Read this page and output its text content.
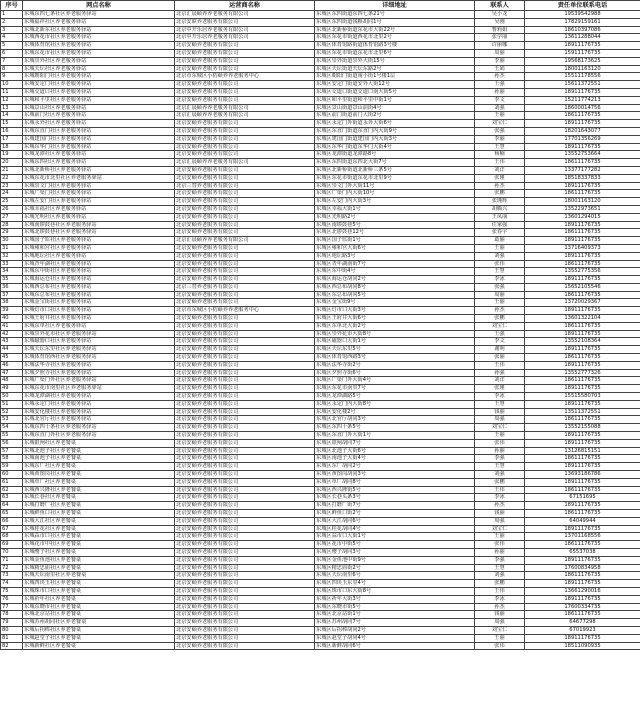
序号	网点名称	运营商名称	详细地址	联系人	责任单位联系电话
1	东城东四七条社区养老服务驿站	北京汇晨颐养养老服务有限公司	东城区东四街道东四七条21号	吴小龙	19539542988
2	东城福祥社区养老服务驿站	北京安联养老服务有限公司	东城区东四街道钱粮胡同1号	吴刚	17829159161
3	东城北新东社区养老服务驿站	北京中开乐居养老服务有限公司	东城区北新桥街道东花市大街22号	曹莉娟	18610397086
4	东城西花市社区养老服务驿站	北京中开乐居养老服务有限公司	东城区东花市街道西花市北里2号	张学丽	13611288044
5	东城体育馆社区养老服务驿站	北京安颐养老服务有限公司	东城区体育馆路街道体育馆路3号楼	许丽娜	18911176735
6	东城东花市社区养老服务驿站	北京安颐养老服务有限公司	东城区东花市街道东花市北里6号	周丽	15911176735
7	东城崇外社区养老服务驿站	北京安颐养老服务有限公司	东城区崇外街道崇外大街15号	李丽	19568173625
8	东城天坛社区养老服务驿站	北京安颐养老服务有限公司	东城区天坛街道天坛东路2号	王娟	18001163120
9	东城朝阳门社区养老服务驿站	北京市东城区小桔颐养养老服务中心	东城区朝阳门街道南小街1号楼1层	孙杰	15511178556
10	东城安定门社区养老服务驿站	北京安颐养老服务有限公司	东城区安定门街道安外大街12号	王强	15611372551
11	东城交道口社区养老服务驿站	北京安颐养老服务有限公司	东城区交道口街道交道口南大街5号	孙丽	18911176735
12	东城和平里社区养老服务驿站	北京安颐养老服务有限公司	东城区和平里街道和平里中街1号	李文	15211774213
13	东城景山社区养老服务驿站	北京汇晨颐养养老服务有限公司	东城区景山街道景山前街4号	刘强	18600014756
14	东城前门社区养老服务驿站	北京汇晨颐养养老服务有限公司	东城区前门街道前门大街2号	王丽	18611176735
15	东城永外社区养老服务驿站	北京安颐养老服务有限公司	东城区永定门外街道永外大街6号	刘宝仁	18911176735
16	东城东直门社区养老服务驿站	北京安颐养老服务有限公司	东城区东直门街道东直门内大街9号	张强	18201643077
17	东城建国门社区养老服务驿站	北京安颐养老服务有限公司	东城区建国门街道建国门内大街3号	李丽	17701356269
18	东城东华门社区养老服务驿站	北京安颐养老服务有限公司	东城区东华门街道东华门大街4号	王慧	18911176735
19	东城龙潭社区养老服务驿站	北京安颐养老服务有限公司	东城区龙潭街道龙潭路8号	杨楠	13552753664
20	东城东四社区养老服务驿站	北京汇晨颐养养老服务有限公司	东城区东四街道东四北大街7号	王伟	18611176735
21	东城北新桥社区养老服务驿站	北京安颐养老服务有限公司	东城区北新桥街道北新桥三条5号	刘洋	13377177282
22	东城东花市北里社区养老服务驿站	北京安颐养老服务有限公司	东城区东花市街道东花市北里9号	张瑾	18518337833
23	东城崇文门社区养老服务驿站	北京三替养老服务有限公司	东城区崇文门外大街11号	孙杰	18911176735
24	东城广渠门社区养老服务驿站	北京安颐养老服务有限公司	东城区广渠门内大街10号	张鹏	18611176735
25	东城左安门社区养老服务驿站	北京安颐养老服务有限公司	东城区左安门内大街3号	张瑾辉	18001163120
26	东城幸福社区养老服务驿站	北京安颐养老服务有限公司	东城区幸福大街1号	胡腾兴	13522973651
27	东城光明社区养老服务驿站	北京安颐养老服务有限公司	东城区光明路2号	王凤丽	13601294015
28	东城南锣鼓巷社区养老服务驿站	北京安颐养老服务有限公司	东城区南锣鼓巷5号	任家强	18911176735
29	东城北锣鼓巷社区养老服务驿站	北京安颐养老服务有限公司	东城区北锣鼓巷12号	张春宇	18611176735
30	东城国子监社区养老服务驿站	北京汇晨颐养养老服务有限公司	东城区国子监街1号	葛丽	18911176735
31	东城雍和宫社区养老服务驿站	北京安颐养老服务有限公司	东城区雍和宫大街6号	王丽	13716409373
32	东城地坛社区养老服务驿站	北京安颐养老服务有限公司	东城区地坛路3号	刘强	18911176735
33	东城青年湖社区养老服务驿站	北京安颐养老服务有限公司	东城区青年湖南街7号	张伟	18611176735
34	东城东中街社区养老服务驿站	北京安颐养老服务有限公司	东城区东中街4号	王慧	13552775356
35	东城海运仓社区养老服务驿站	北京安颐养老服务有限公司	东城区海运仓胡同2号	李冰	18911176735
36	东城西总布社区养老服务驿站	北京三替养老服务有限公司	东城区西总布胡同8号	张强	15652105546
37	东城东总布社区养老服务驿站	北京安颐养老服务有限公司	东城区东总布胡同5号	周丽	18611176735
38	东城金宝街社区养老服务驿站	北京安颐养老服务有限公司	东城区金宝街9号	王丽	13720029367
39	东城灯市口社区养老服务驿站	北京市东城区小桔颐养养老服务中心	东城区灯市口大街3号	孙杰	18911176735
40	东城王府井社区养老服务驿站	北京安颐养老服务有限公司	东城区王府井大街6号	张鹏	13601322104
41	东城东单社区养老服务驿站	北京安颐养老服务有限公司	东城区东单北大街2号	刘宝仁	18611176735
42	东城崇外花市社区养老服务驿站	北京安颐养老服务有限公司	东城区崇外花市大街8号	王强	18911176735
43	东城磁器口社区养老服务驿站	北京安颐养老服务有限公司	东城区磁器口大街1号	李文	13552108364
44	东城天坛东里社区养老服务驿站	北京安颐养老服务有限公司	东城区天坛东里5号	谢明	18911176735
45	东城体育馆西社区养老服务驿站	北京安颐养老服务有限公司	东城区体育馆西路3号	张丽	18611176735
46	东城法华寺社区养老服务驿站	北京安颐养老服务有限公司	东城区法华寺街2号	王伟	18911176735
47	东城夕照寺社区养老服务驿站	北京安颐养老服务有限公司	东城区夕照寺街6号	孙强	13552777326
48	东城广渠门外社区养老服务驿站	北京安颐养老服务有限公司	东城区广渠门外大街4号	刘洋	18611176735
49	东城东花市南里社区养老服务驿站	北京安颐养老服务有限公司	东城区东花市南里7号	张瑾	18911176735
50	东城龙潭湖社区养老服务驿站	北京安颐养老服务有限公司	东城区龙潭湖路5号	李冰	15515580703
51	东城永定门社区养老服务驿站	北京安颐养老服务有限公司	东城区永定门内大街8号	王慧	18911176735
52	东城安化楼社区养老服务驿站	北京安颐养老服务有限公司	东城区安化楼2号	钱丽	13511372551
53	东城北官厅社区养老服务驿站	北京安颐养老服务有限公司	东城区北官厅胡同3号	周强	18611176735
54	东城东四十条社区养老服务驿站	北京安颐养老服务有限公司	东城区东四十条5号	刘宝仁	13552155088
55	东城东直门外社区养老服务驿站	北京安颐养老服务有限公司	东城区东直门外大街1号	王丽	18911176735
56	东城银闸社区养老餐桌	北京安颐养老服务有限公司	东城区银闸胡同7号	张伟	18911176735
57	东城北池子社区养老餐桌	北京安颐养老服务有限公司	东城区北池子大街6号	孙丽	13126815151
58	东城南池子社区养老餐桌	北京安颐养老服务有限公司	东城区南池子大街4号	李强	18611176735
59	东城东厂社区养老餐桌	北京安颐养老服务有限公司	东城区东厂胡同2号	王慧	18911176735
60	东城黄图岗社区养老餐桌	北京安颐养老服务有限公司	东城区黄图岗胡同3号	刘强	13693186786
61	东城草厂社区养老餐桌	北京安颐养老服务有限公司	东城区草厂胡同8号	张鹏	18911176735
62	东城西兴隆社区养老餐桌	北京安颐养老服务有限公司	东城区西兴隆街5号	王伟	18611176735
63	东城长巷社区养老餐桌	北京安颐养老服务有限公司	东城区长巷头条3号	李冰	67151695
64	东城打磨厂社区养老餐桌	北京安颐养老服务有限公司	东城区打磨厂街7号	孙杰	18911176735
65	东城鲜鱼口社区养老餐桌	北京安颐养老服务有限公司	东城区鲜鱼口街2号	钱丽	18611176735
66	东城大江社区养老餐桌	北京安颐养老服务有限公司	东城区大江胡同6号	周强	64049944
67	东城桂花社区养老餐桌	北京安颐养老服务有限公司	东城区桂花胡同4号	刘宝仁	18911176735
68	东城蒜市口社区养老餐桌	北京安颐养老服务有限公司	东城区蒜市口大街1号	王丽	13701168556
69	东城花市中社区养老餐桌	北京安颐养老服务有限公司	东城区花市中街5号	张伟	18611176735
70	东城缨子社区养老餐桌	北京安颐养老服务有限公司	东城区缨子胡同3号	孙丽	65537038
71	东城金鱼池社区养老餐桌	北京安颐养老服务有限公司	东城区金鱼池中街9号	李强	18911176735
72	东城精忠庙社区养老餐桌	北京安颐养老服务有限公司	东城区精忠庙街2号	王慧	17600834958
73	东城天坛南里社区养老餐桌	北京安颐养老服务有限公司	东城区天坛南里6号	刘强	18611176735
74	东城四块玉社区养老餐桌	北京安颐养老服务有限公司	东城区四块玉东里4号	张鹏	18911176735
75	东城珠市口社区养老餐桌	北京安颐养老服务有限公司	东城区珠市口东大街8号	王伟	13661290016
76	东城祈年社区养老餐桌	北京安颐养老服务有限公司	东城区祈年大街3号	李冰	18911176735
77	东城东晓市社区养老餐桌	北京安颐养老服务有限公司	东城区东晓市街5号	孙杰	17600334735
78	东城北京站社区养老餐桌	北京安颐养老服务有限公司	东城区北京站街1号	钱丽	18611176735
79	东城苏州胡同社区养老餐桌	北京安颐养老服务有限公司	东城区苏州胡同7号	周强	64677298
80	东城后拐棒社区养老餐桌	北京安颐养老服务有限公司	东城区后拐棒胡同2号	刘宝仁	67019923
81	东城赵堂子社区养老餐桌	北京安颐养老服务有限公司	东城区赵堂子胡同4号	王丽	18911176735
82	东城新鲜社区养老餐桌	北京安颐养老服务有限公司	东城区新鲜胡同6号	张伟	18511090935
